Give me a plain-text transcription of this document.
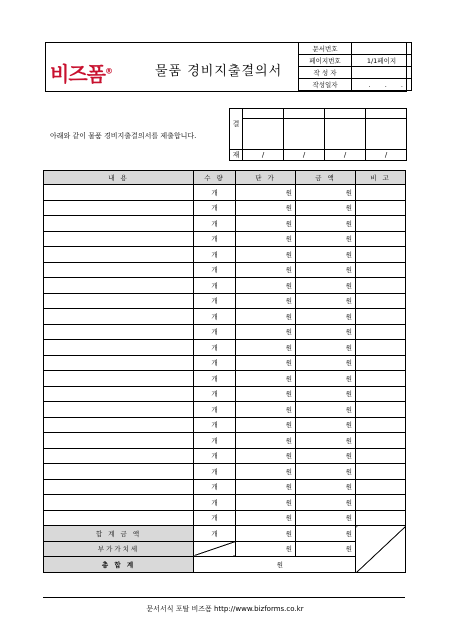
비즈폼®	물품 경비지출결의서
문서번호	
페이지번호	1/1페이지
작 성 자	
작성일자	. . .
아래와 같이 물품 경비지출결의서를 제출합니다.
결				

재	/	/	/	/
내 용	수 량	단 가	금 액	비 고
	개	원	원	
	개	원	원	
	개	원	원	
	개	원	원	
	개	원	원	
	개	원	원	
	개	원	원	
	개	원	원	
	개	원	원	
	개	원	원	
	개	원	원	
	개	원	원	
	개	원	원	
	개	원	원	
	개	원	원	
	개	원	원	
	개	원	원	
	개	원	원	
	개	원	원	
	개	원	원	
	개	원	원	
	개	원	원	
합 계 금 액	개	원	원	
부가가치세		원	원	
총 합 계	원			
문서서식 포탈 비즈폼 http://www.bizforms.co.kr
